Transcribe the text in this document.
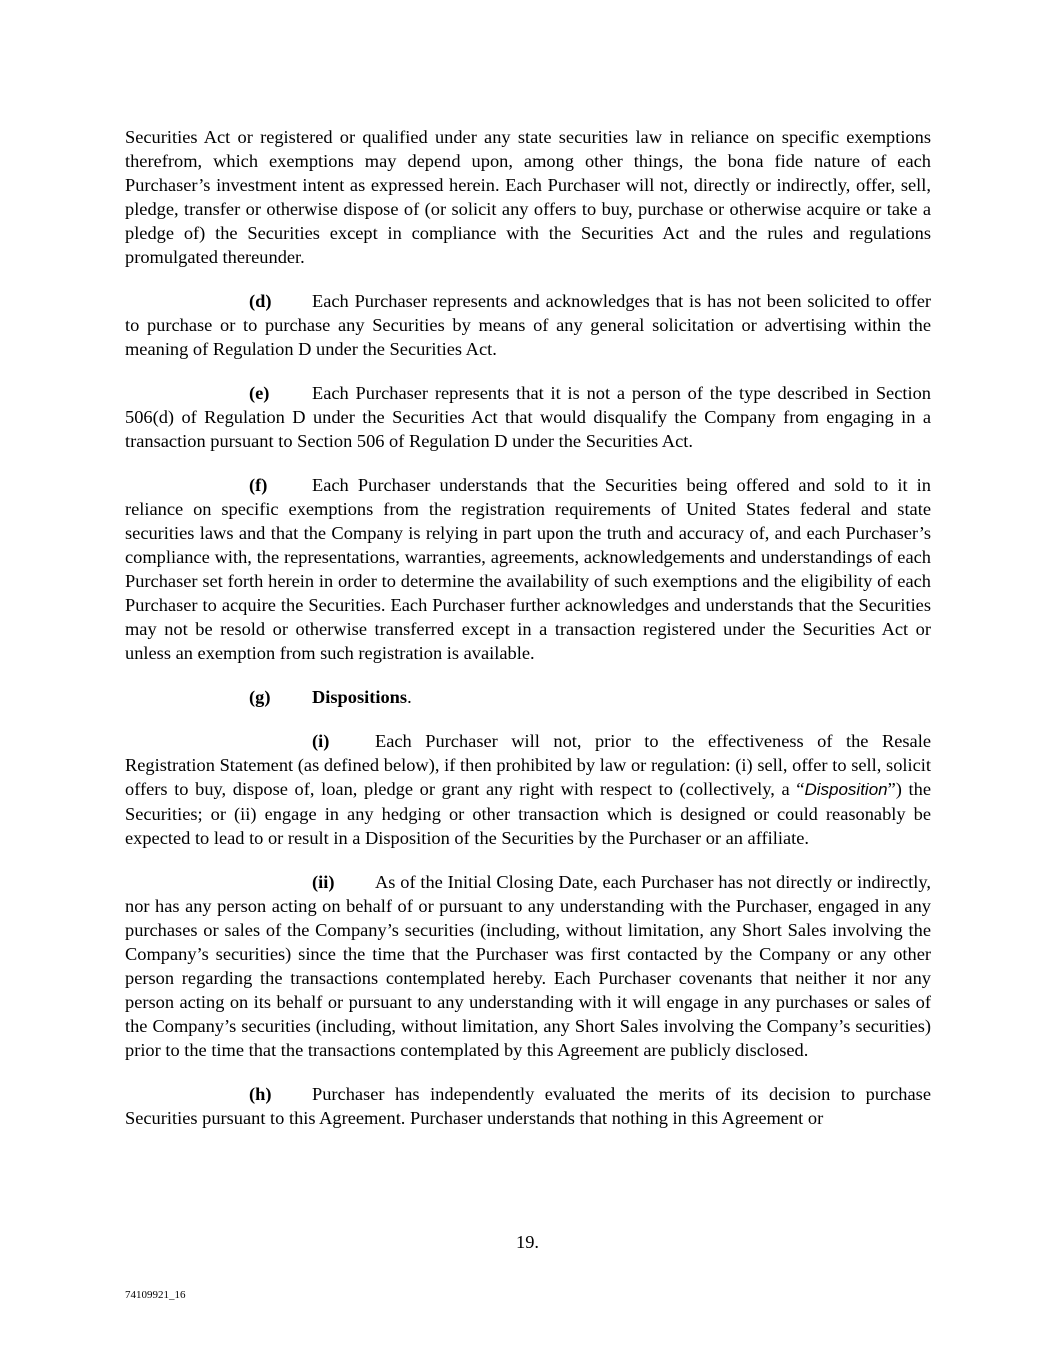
Securities Act or registered or qualified under any state securities law in reliance on specific exemptions therefrom, which exemptions may depend upon, among other things, the bona fide nature of each Purchaser’s investment intent as expressed herein. Each Purchaser will not, directly or indirectly, offer, sell, pledge, transfer or otherwise dispose of (or solicit any offers to buy, purchase or otherwise acquire or take a pledge of) the Securities except in compliance with the Securities Act and the rules and regulations promulgated thereunder.

(d) Each Purchaser represents and acknowledges that is has not been solicited to offer to purchase or to purchase any Securities by means of any general solicitation or advertising within the meaning of Regulation D under the Securities Act.

(e) Each Purchaser represents that it is not a person of the type described in Section 506(d) of Regulation D under the Securities Act that would disqualify the Company from engaging in a transaction pursuant to Section 506 of Regulation D under the Securities Act.

(f) Each Purchaser understands that the Securities being offered and sold to it in reliance on specific exemptions from the registration requirements of United States federal and state securities laws and that the Company is relying in part upon the truth and accuracy of, and each Purchaser’s compliance with, the representations, warranties, agreements, acknowledgements and understandings of each Purchaser set forth herein in order to determine the availability of such exemptions and the eligibility of each Purchaser to acquire the Securities. Each Purchaser further acknowledges and understands that the Securities may not be resold or otherwise transferred except in a transaction registered under the Securities Act or unless an exemption from such registration is available.

(g) Dispositions.

(i) Each Purchaser will not, prior to the effectiveness of the Resale Registration Statement (as defined below), if then prohibited by law or regulation: (i) sell, offer to sell, solicit offers to buy, dispose of, loan, pledge or grant any right with respect to (collectively, a “Disposition”) the Securities; or (ii) engage in any hedging or other transaction which is designed or could reasonably be expected to lead to or result in a Disposition of the Securities by the Purchaser or an affiliate.

(ii) As of the Initial Closing Date, each Purchaser has not directly or indirectly, nor has any person acting on behalf of or pursuant to any understanding with the Purchaser, engaged in any purchases or sales of the Company’s securities (including, without limitation, any Short Sales involving the Company’s securities) since the time that the Purchaser was first contacted by the Company or any other person regarding the transactions contemplated hereby. Each Purchaser covenants that neither it nor any person acting on its behalf or pursuant to any understanding with it will engage in any purchases or sales of the Company’s securities (including, without limitation, any Short Sales involving the Company’s securities) prior to the time that the transactions contemplated by this Agreement are publicly disclosed.

(h) Purchaser has independently evaluated the merits of its decision to purchase Securities pursuant to this Agreement. Purchaser understands that nothing in this Agreement or

19.
74109921_16
